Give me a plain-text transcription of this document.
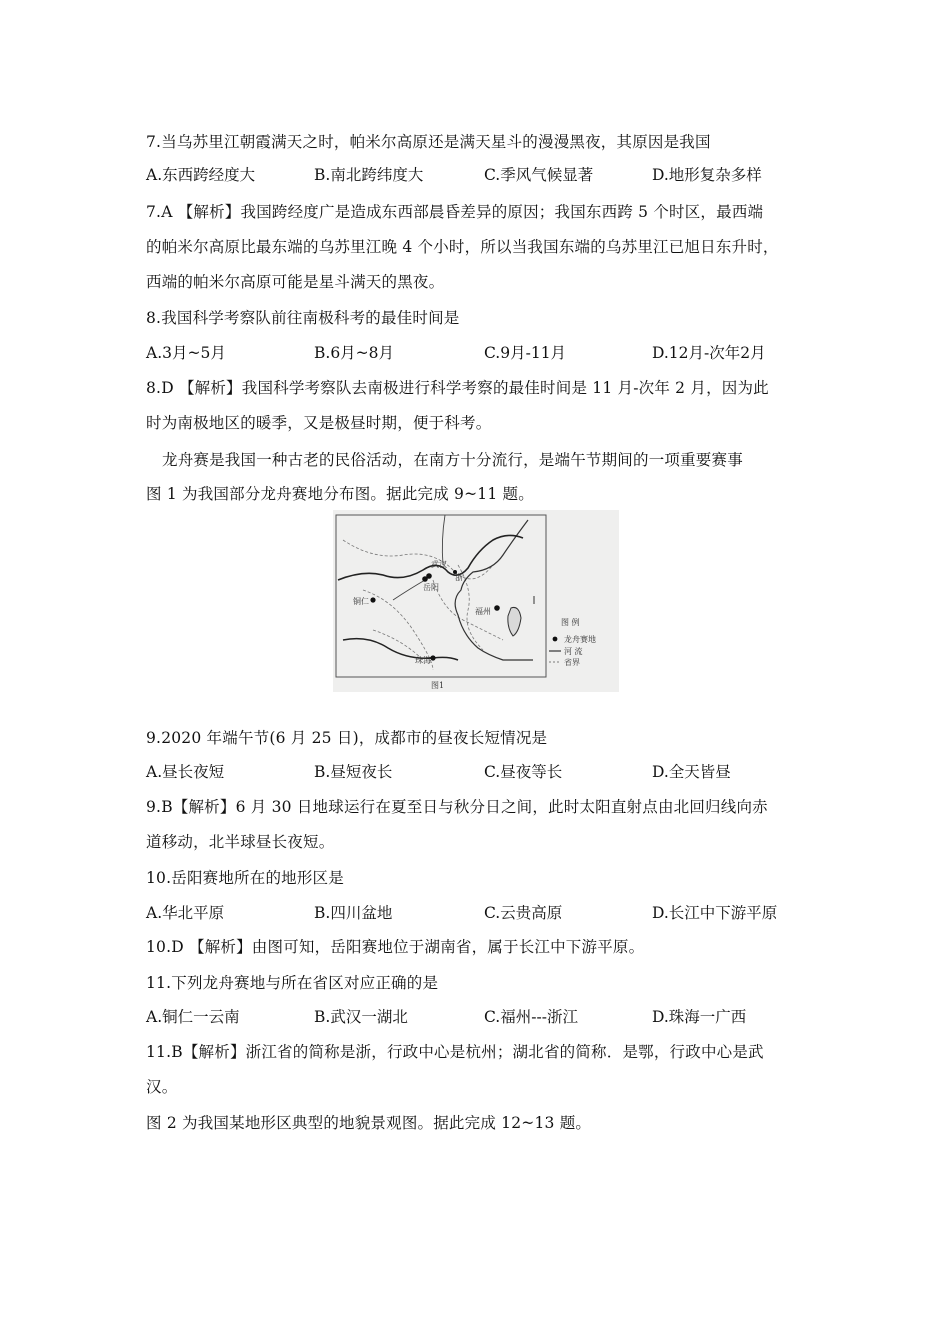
7.当乌苏里江朝霞满天之时，帕米尔高原还是满天星斗的漫漫黑夜，其原因是我国
A.东西跨经度大	B.南北跨纬度大	C.季风气候显著	D.地形复杂多样
7.A 【解析】我国跨经度广是造成东西部晨昏差异的原因；我国东西跨 5 个时区，最西端
的帕米尔高原比最东端的乌苏里江晚 4 个小时，所以当我国东端的乌苏里江已旭日东升时，
西端的帕米尔高原可能是星斗满天的黑夜。
8.我国科学考察队前往南极科考的最佳时间是
A.3月~5月	B.6月~8月	C.9月-11月	D.12月-次年2月
8.D 【解析】我国科学考察队去南极进行科学考察的最佳时间是 11 月-次年 2 月，因为此
时为南极地区的暖季，又是极昼时期，便于科考。
龙舟赛是我国一种古老的民俗活动，在南方十分流行，是端午节期间的一项重要赛事
图 1 为我国部分龙舟赛地分布图。据此完成 9~11 题。
武汉
岳阳
铜仁
福州
珠海
浙
图 例
龙舟赛地
河 流
省界
图1
9.2020 年端午节(6 月 25 日)，成都市的昼夜长短情况是
A.昼长夜短	B.昼短夜长	C.昼夜等长	D.全天皆昼
9.B【解析】6 月 30 日地球运行在夏至日与秋分日之间，此时太阳直射点由北回归线向赤
道移动，北半球昼长夜短。
10.岳阳赛地所在的地形区是
A.华北平原	B.四川盆地	C.云贵高原	D.长江中下游平原
10.D 【解析】由图可知，岳阳赛地位于湖南省，属于长江中下游平原。
11.下列龙舟赛地与所在省区对应正确的是
A.铜仁一云南	B.武汉一湖北	C.福州---浙江	D.珠海一广西
11.B【解析】浙江省的简称是浙，行政中心是杭州；湖北省的简称．是鄂，行政中心是武
汉。
图 2 为我国某地形区典型的地貌景观图。据此完成 12~13 题。
